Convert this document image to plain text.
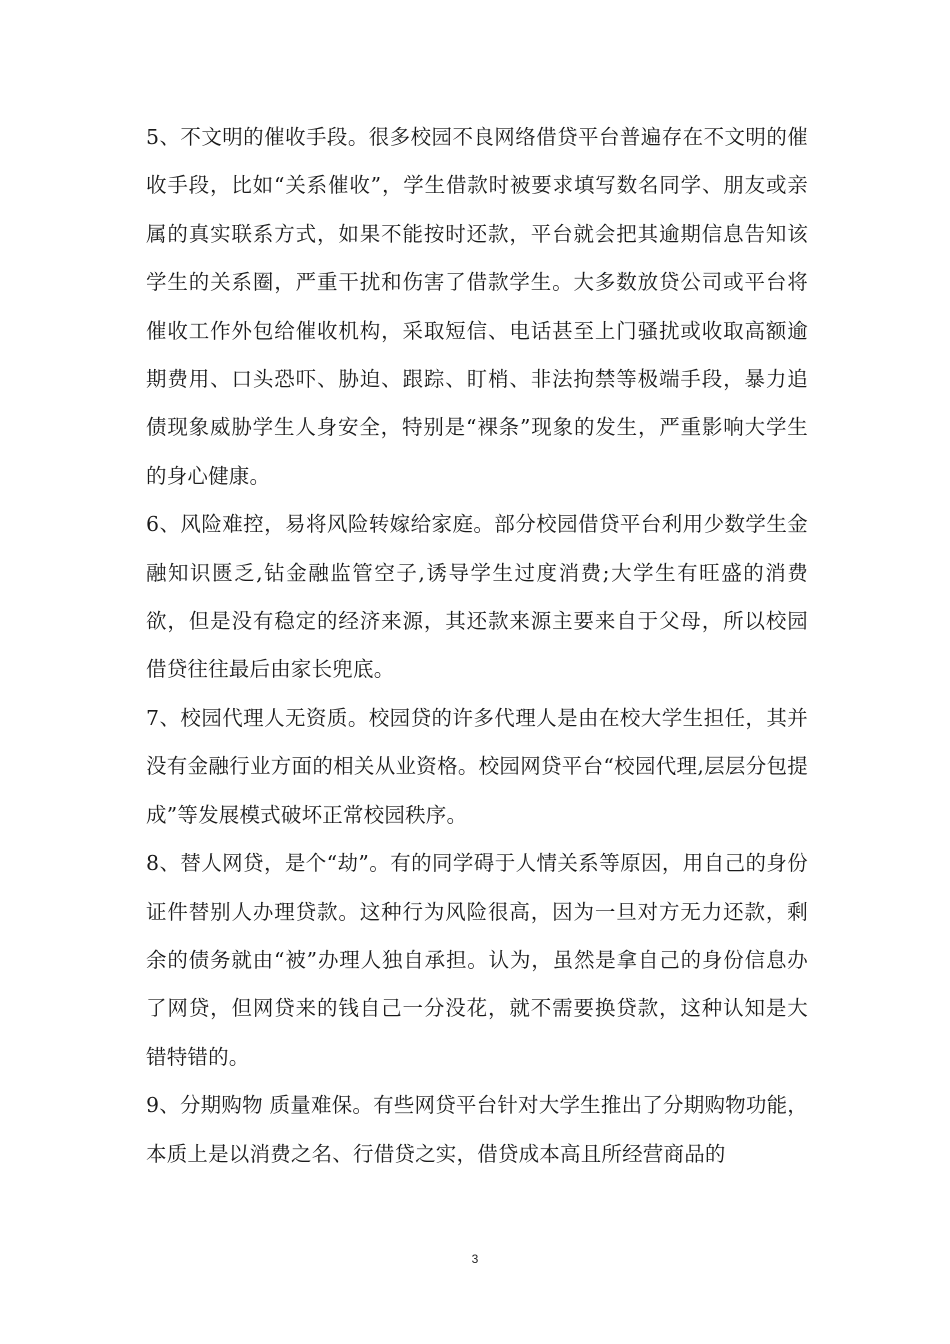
5、不文明的催收手段。很多校园不良网络借贷平台普遍存在不文明的催收手段，比如“关系催收”，学生借款时被要求填写数名同学、朋友或亲属的真实联系方式，如果不能按时还款，平台就会把其逾期信息告知该学生的关系圈，严重干扰和伤害了借款学生。大多数放贷公司或平台将催收工作外包给催收机构，采取短信、电话甚至上门骚扰或收取高额逾期费用、口头恐吓、胁迫、跟踪、盯梢、非法拘禁等极端手段，暴力追债现象威胁学生人身安全，特别是“裸条”现象的发生，严重影响大学生的身心健康。

6、风险难控，易将风险转嫁给家庭。部分校园借贷平台利用少数学生金融知识匮乏,钻金融监管空子,诱导学生过度消费;大学生有旺盛的消费欲，但是没有稳定的经济来源，其还款来源主要来自于父母，所以校园借贷往往最后由家长兜底。

7、校园代理人无资质。校园贷的许多代理人是由在校大学生担任，其并没有金融行业方面的相关从业资格。校园网贷平台“校园代理,层层分包提成”等发展模式破坏正常校园秩序。

8、替人网贷，是个“劫”。有的同学碍于人情关系等原因，用自己的身份证件替别人办理贷款。这种行为风险很高，因为一旦对方无力还款，剩余的债务就由“被”办理人独自承担。认为，虽然是拿自己的身份信息办了网贷，但网贷来的钱自己一分没花，就不需要换贷款，这种认知是大错特错的。

9、分期购物 质量难保。有些网贷平台针对大学生推出了分期购物功能，本质上是以消费之名、行借贷之实，借贷成本高且所经营商品的

3
